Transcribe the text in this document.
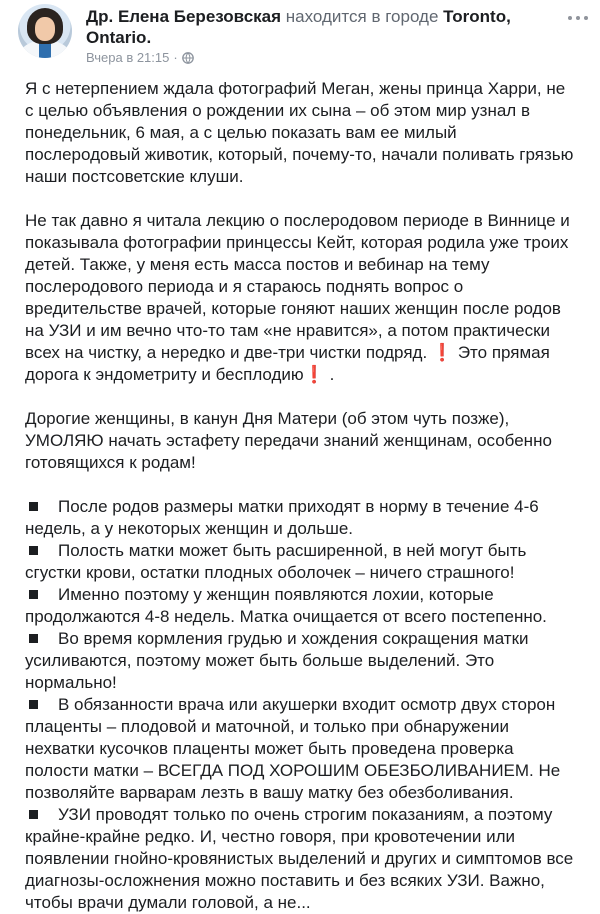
Др. Елена Березовская находится в городе Toronto, Ontario.
Вчера в 21:15 ·

Я с нетерпением ждала фотографий Меган, жены принца Харри, не с целью объявления о рождении их сына – об этом мир узнал в понедельник, 6 мая, а с целью показать вам ее милый послеродовый животик, который, почему-то, начали поливать грязью наши постсоветские клуши.

Не так давно я читала лекцию о послеродовом периоде в Виннице и показывала фотографии принцессы Кейт, которая родила уже троих детей. Также, у меня есть масса постов и вебинар на тему послеродового периода и я стараюсь поднять вопрос о вредительстве врачей, которые гоняют наших женщин после родов на УЗИ и им вечно что-то там «не нравится», а потом практически всех на чистку, а нередко и две-три чистки подряд. ❗ Это прямая дорога к эндометриту и бесплодию❗ .

Дорогие женщины, в канун Дня Матери (об этом чуть позже), УМОЛЯЮ начать эстафету передачи знаний женщинам, особенно готовящихся к родам!

После родов размеры матки приходят в норму в течение 4-6 недель, а у некоторых женщин и дольше.

Полость матки может быть расширенной, в ней могут быть сгустки крови, остатки плодных оболочек – ничего страшного!

Именно поэтому у женщин появляются лохии, которые продолжаются 4-8 недель. Матка очищается от всего постепенно.

Во время кормления грудью и хождения сокращения матки усиливаются, поэтому может быть больше выделений. Это нормально!

В обязанности врача или акушерки входит осмотр двух сторон плаценты – плодовой и маточной, и только при обнаружении нехватки кусочков плаценты может быть проведена проверка полости матки – ВСЕГДА ПОД ХОРОШИМ ОБЕЗБОЛИВАНИЕМ. Не позволяйте варварам лезть в вашу матку без обезболивания.

УЗИ проводят только по очень строгим показаниям, а поэтому крайне-крайне редко. И, честно говоря, при кровотечении или появлении гнойно-кровянистых выделений и других и симптомов все диагнозы-осложнения можно поставить и без всяких УЗИ. Важно, чтобы врачи думали головой, а не...
